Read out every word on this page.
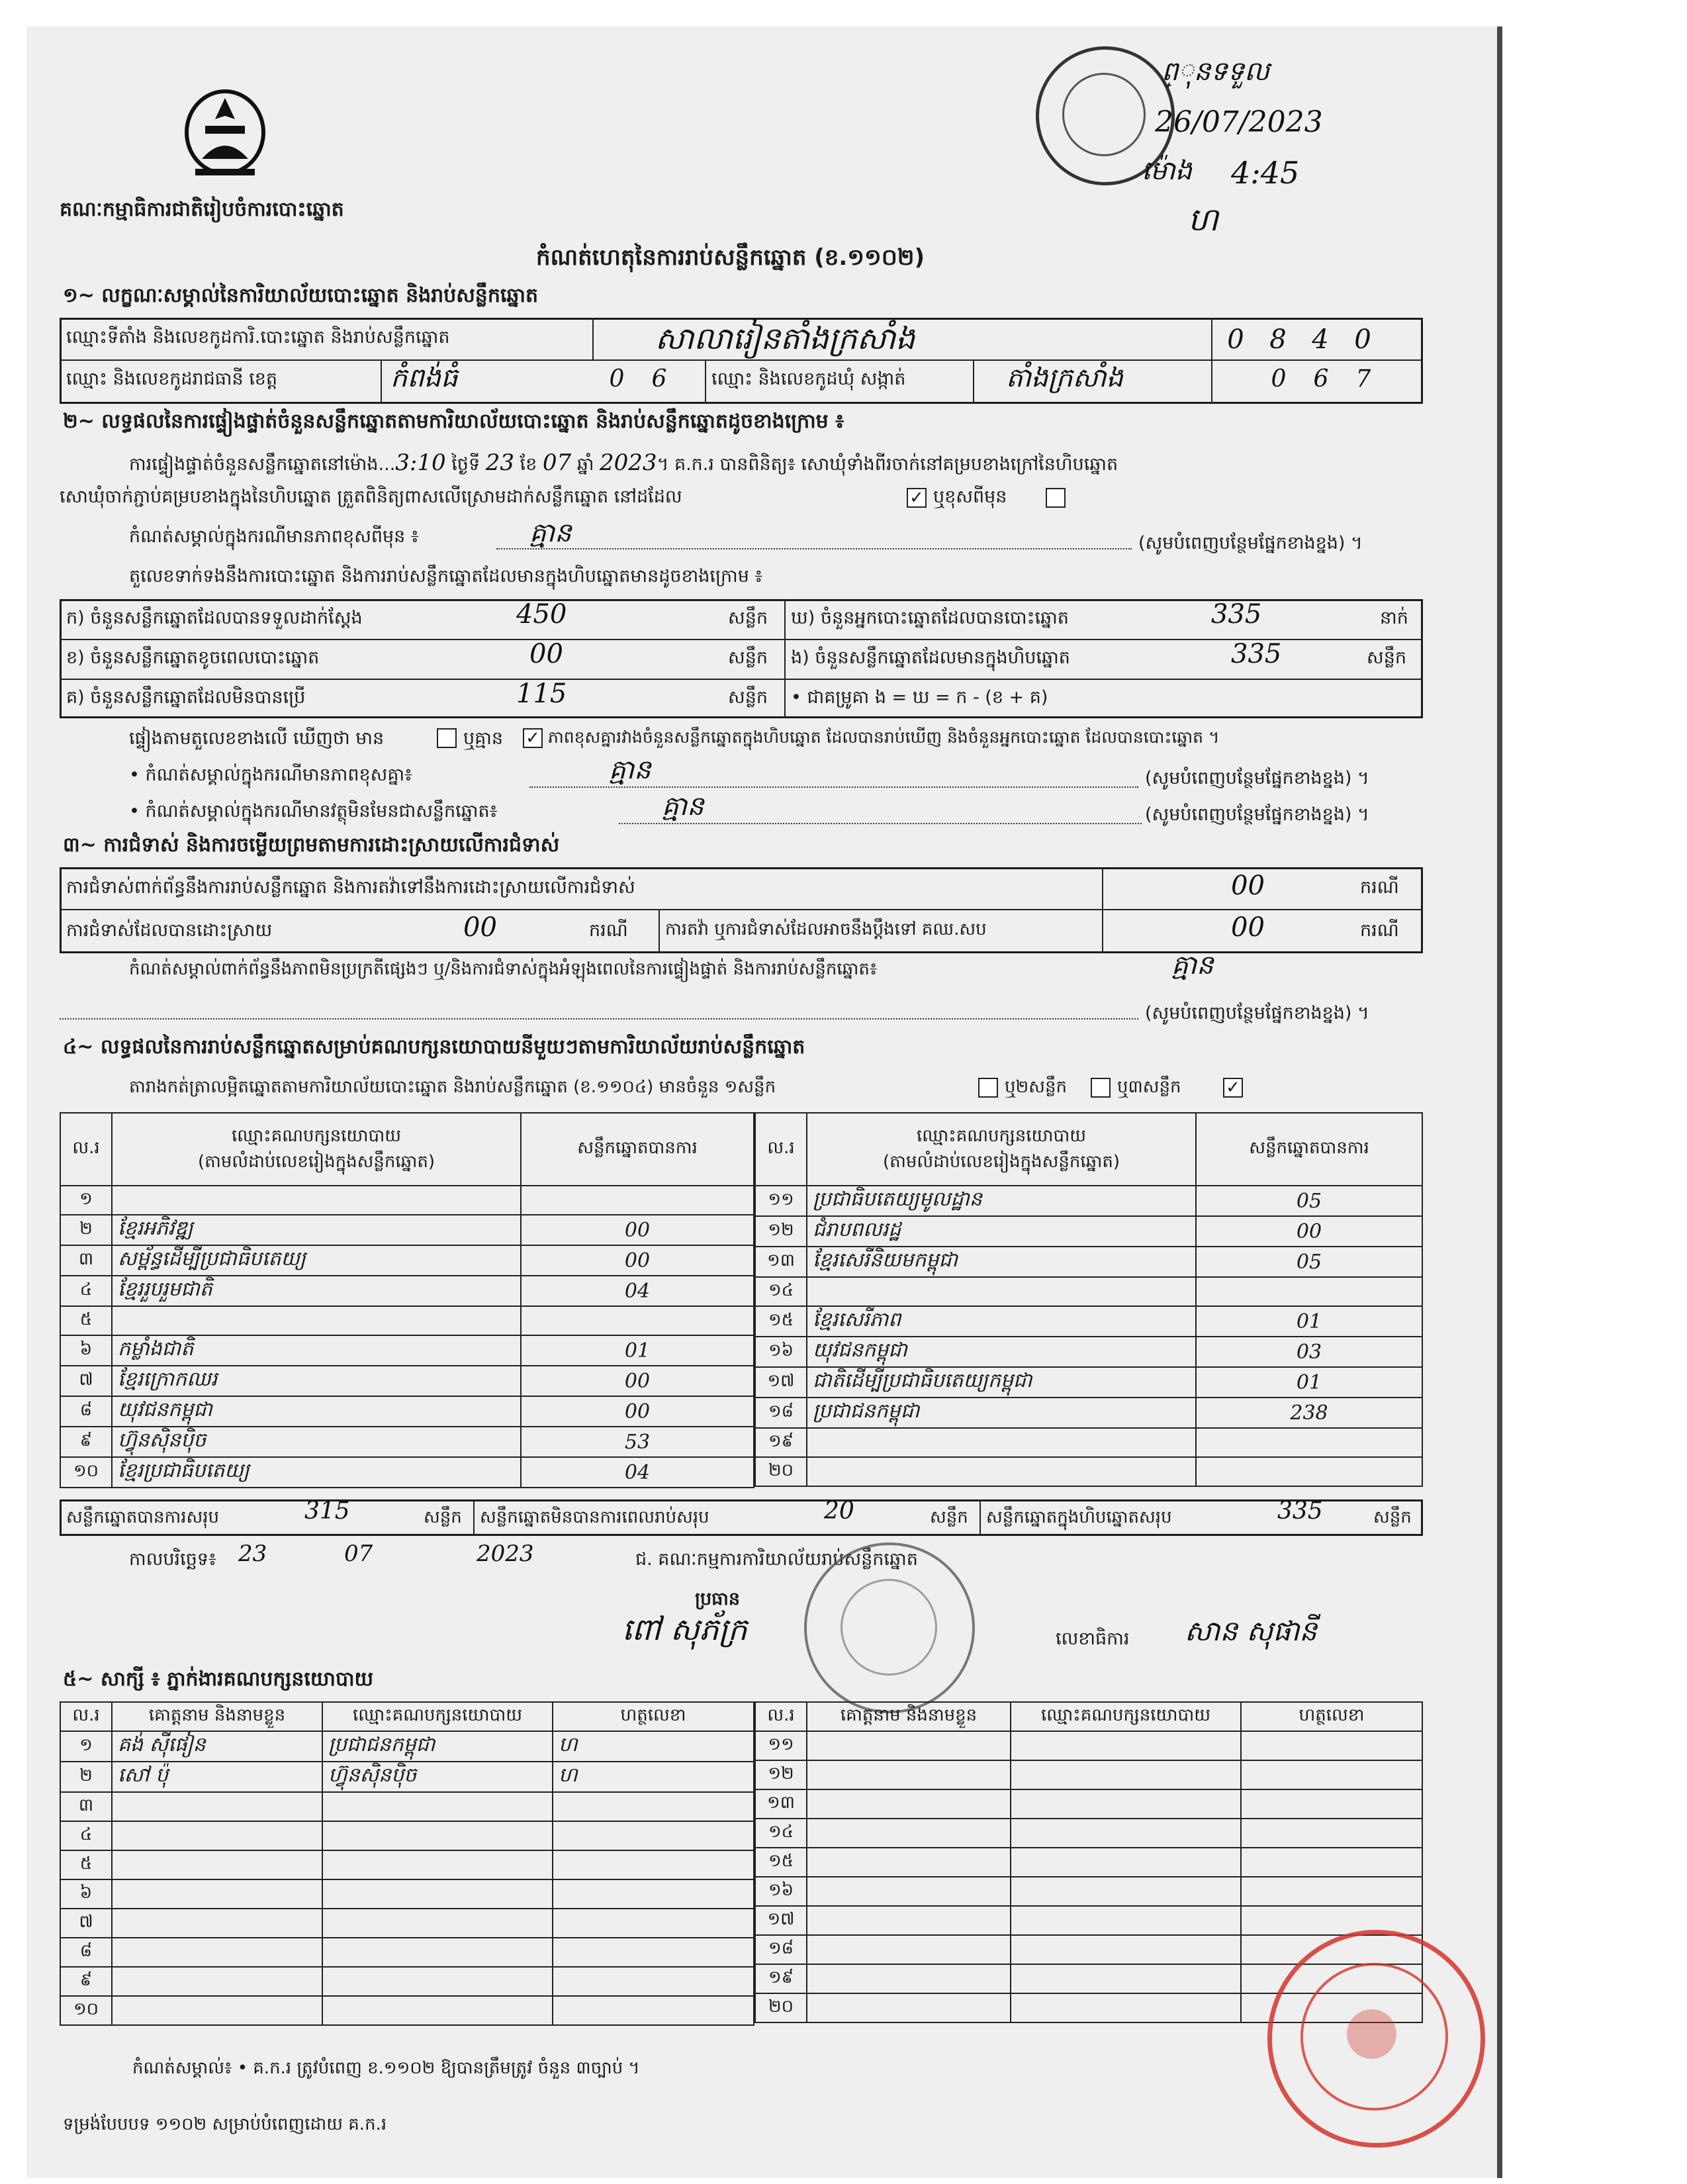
គណៈកម្មាធិការជាតិរៀបចំការបោះឆ្នោត
ព្ុនទទួល
26/07/2023
ម៉ោង 4:45
ហ
កំណត់ហេតុនៃការរាប់សន្លឹកឆ្នោត (ខ.១១០២)
១~ លក្ខណៈសម្គាល់នៃការិយាល័យបោះឆ្នោត និងរាប់សន្លឹកឆ្នោត
ឈ្មោះទីតាំង និងលេខកូដការិ.បោះឆ្នោត និងរាប់សន្លឹកឆ្នោត	សាលារៀនតាំងក្រសាំង	0 8 4 0
ឈ្មោះ និងលេខកូដរាជធានី ខេត្ត	កំពង់ធំ	0 6	ឈ្មោះ និងលេខកូដឃុំ សង្កាត់	តាំងក្រសាំង	0 6 7
២~ លទ្ធផលនៃការផ្ទៀងផ្ទាត់ចំនួនសន្លឹកឆ្នោតតាមការិយាល័យបោះឆ្នោត និងរាប់សន្លឹកឆ្នោតដូចខាងក្រោម ៖
ការផ្ទៀងផ្ទាត់ចំនួនសន្លឹកឆ្នោតនៅម៉ោង...3:10 ថ្ងៃទី 23 ខែ 07 ឆ្នាំ 2023។ គ.ក.រ បានពិនិត្យ៖ សោឃុំទាំងពីរចាក់នៅគម្របខាងក្រៅនៃហិបឆ្នោត
សោឃុំចាក់ភ្ជាប់គម្របខាងក្នុងនៃហិបឆ្នោត ត្រួតពិនិត្យពាសលើស្រោមដាក់សន្លឹកឆ្នោត នៅដដែល	✓ ឬខុសពីមុន
កំណត់សម្គាល់ក្នុងករណីមានភាពខុសពីមុន ៖	គ្មាន	(សូមបំពេញបន្ថែមផ្នែកខាងខ្នង) ។
តួលេខទាក់ទងនឹងការបោះឆ្នោត និងការរាប់សន្លឹកឆ្នោតដែលមានក្នុងហិបឆ្នោតមានដូចខាងក្រោម ៖
ក) ចំនួនសន្លឹកឆ្នោតដែលបានទទួលដាក់ស្តែង	450	សន្លឹក ឃ) ចំនួនអ្នកបោះឆ្នោតដែលបានបោះឆ្នោត	335	នាក់
ខ) ចំនួនសន្លឹកឆ្នោតខូចពេលបោះឆ្នោត	00	សន្លឹក ង) ចំនួនសន្លឹកឆ្នោតដែលមានក្នុងហិបឆ្នោត	335	សន្លឹក
គ) ចំនួនសន្លឹកឆ្នោតដែលមិនបានប្រើ	115	សន្លឹក • ជាគម្រូគា ង = ឃ = ក - (ខ + គ)
ផ្ទៀងតាមតួលេខខាងលើ ឃើញថា មាន	ឬគ្មាន ✓ ភាពខុសគ្នារវាងចំនួនសន្លឹកឆ្នោតក្នុងហិបឆ្នោត ដែលបានរាប់ឃើញ និងចំនួនអ្នកបោះឆ្នោត ដែលបានបោះឆ្នោត ។
• កំណត់សម្គាល់ក្នុងករណីមានភាពខុសគ្នា៖	គ្មាន	(សូមបំពេញបន្ថែមផ្នែកខាងខ្នង) ។
• កំណត់សម្គាល់ក្នុងករណីមានវត្ថុមិនមែនជាសន្លឹកឆ្នោត៖	គ្មាន	(សូមបំពេញបន្ថែមផ្នែកខាងខ្នង) ។
៣~ ការជំទាស់ និងការចម្លើយព្រមតាមការដោះស្រាយលើការជំទាស់
ការជំទាស់ពាក់ព័ន្ធនឹងការរាប់សន្លឹកឆ្នោត និងការតវ៉ាទៅនឹងការដោះស្រាយលើការជំទាស់	00	ករណី
ការជំទាស់ដែលបានដោះស្រាយ	00	ករណី ការតវ៉ា ឬការជំទាស់ដែលអាចនឹងប្តឹងទៅ គឈ.សប	00	ករណី
កំណត់សម្គាល់ពាក់ព័ន្ធនឹងភាពមិនប្រក្រតីផ្សេងៗ ឬ/និងការជំទាស់ក្នុងអំឡុងពេលនៃការផ្ទៀងផ្ទាត់ និងការរាប់សន្លឹកឆ្នោត៖	គ្មាន
(សូមបំពេញបន្ថែមផ្នែកខាងខ្នង) ។
៤~ លទ្ធផលនៃការរាប់សន្លឹកឆ្នោតសម្រាប់គណបក្សនយោបាយនីមួយៗតាមការិយាល័យរាប់សន្លឹកឆ្នោត
តារាងកត់ត្រាលម្អិតឆ្នោតតាមការិយាល័យបោះឆ្នោត និងរាប់សន្លឹកឆ្នោត (ខ.១១០៤) មានចំនួន ១សន្លឹក	ឬ២សន្លឹក	ឬ៣សន្លឹក	✓
ល.រ	ឈ្មោះគណបក្សនយោបាយ
(តាមលំដាប់លេខរៀងក្នុងសន្លឹកឆ្នោត)	សន្លឹកឆ្នោតបានការ
១		
២	ខ្មែរអភិវឌ្ឍ	00
៣	សម្ព័ន្ធដើម្បីប្រជាធិបតេយ្យ	00
៤	ខ្មែររួបរួមជាតិ	04
៥		
៦	កម្លាំងជាតិ	01
៧	ខ្មែរក្រោកឈរ	00
៨	យុវជនកម្ពុជា	00
៩	ហ៊្វុនស៊ិនប៉ិច	53
១០	ខ្មែរប្រជាធិបតេយ្យ	04
ល.រ	ឈ្មោះគណបក្សនយោបាយ
(តាមលំដាប់លេខរៀងក្នុងសន្លឹកឆ្នោត)	សន្លឹកឆ្នោតបានការ
១១	ប្រជាធិបតេយ្យមូលដ្ឋាន	05
១២	ជំរាបពលរដ្ឋ	00
១៣	ខ្មែរសេរីនិយមកម្ពុជា	05
១៤		
១៥	ខ្មែរសេរីភាព	01
១៦	យុវជនកម្ពុជា	03
១៧	ជាតិដើម្បីប្រជាធិបតេយ្យកម្ពុជា	01
១៨	ប្រជាជនកម្ពុជា	238
១៩		
២០		
សន្លឹកឆ្នោតបានការសរុប	315	សន្លឹក សន្លឹកឆ្នោតមិនបានការពេលរាប់សរុប	20	សន្លឹក សន្លឹកឆ្នោតក្នុងហិបឆ្នោតសរុប	335	សន្លឹក
កាលបរិច្ឆេទ៖ 23	07	2023	ជ. គណៈកម្មការការិយាល័យរាប់សន្លឹកឆ្នោត
ប្រធាន
ពៅ សុភ័ក្រ	លេខាធិការ សាន សុផានី
៥~ សាក្សី ៖ ភ្នាក់ងារគណបក្សនយោបាយ
ល.រ	គោត្តនាម និងនាមខ្លួន	ឈ្មោះគណបក្សនយោបាយ	ហត្ថលេខា
១	គង់ ស៊ីផៀន	ប្រជាជនកម្ពុជា	ហ
២	សៅ ប៉ុ	ហ៊្វុនស៊ិនប៉ិច	ហ
៣			
៤			
៥			
៦			
៧			
៨			
៩			
១០			
ល.រ	គោត្តនាម និងនាមខ្លួន	ឈ្មោះគណបក្សនយោបាយ	ហត្ថលេខា
១១			
១២			
១៣			
១៤			
១៥			
១៦			
១៧			
១៨			
១៩			
២០			
កំណត់សម្គាល់៖ • គ.ក.រ ត្រូវបំពេញ ខ.១១០២ ឱ្យបានត្រឹមត្រូវ ចំនួន ៣ច្បាប់ ។
ទម្រង់បែបបទ ១១០២ សម្រាប់បំពេញដោយ គ.ក.រ
